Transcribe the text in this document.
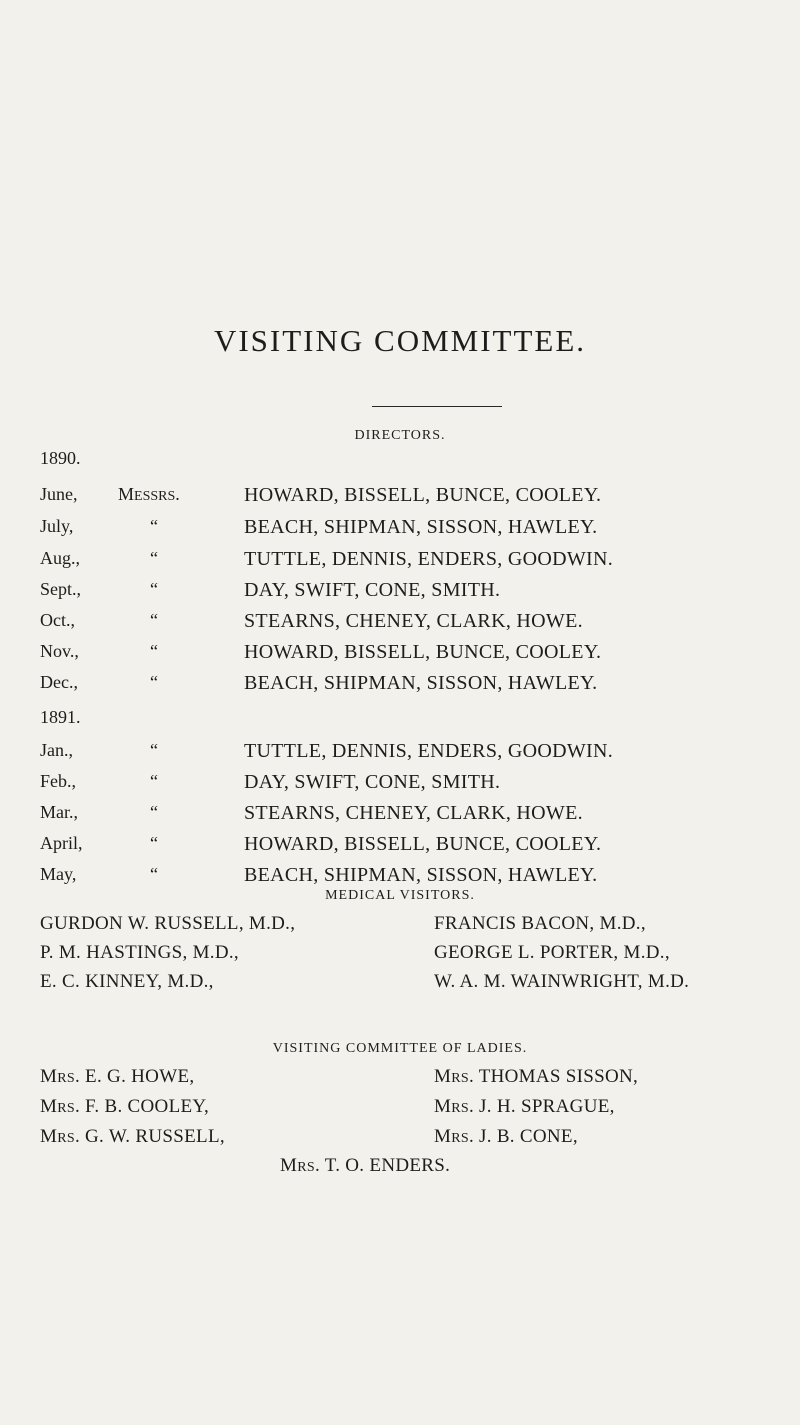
VISITING COMMITTEE.
DIRECTORS.
1890.
June, MESSRS.	HOWARD, BISSELL, BUNCE, COOLEY.
July,	“	BEACH, SHIPMAN, SISSON, HAWLEY.
Aug.,	“	TUTTLE, DENNIS, ENDERS, GOODWIN.
Sept.,	“	DAY, SWIFT, CONE, SMITH.
Oct.,	“	STEARNS, CHENEY, CLARK, HOWE.
Nov.,	“	HOWARD, BISSELL, BUNCE, COOLEY.
Dec.,	“	BEACH, SHIPMAN, SISSON, HAWLEY.
1891.
Jan.,	“	TUTTLE, DENNIS, ENDERS, GOODWIN.
Feb.,	“	DAY, SWIFT, CONE, SMITH.
Mar.,	“	STEARNS, CHENEY, CLARK, HOWE.
April,	“	HOWARD, BISSELL, BUNCE, COOLEY.
May,	“	BEACH, SHIPMAN, SISSON, HAWLEY.
MEDICAL VISITORS.
GURDON W. RUSSELL, M.D.,	FRANCIS BACON, M.D.,
P. M. HASTINGS, M.D.,	GEORGE L. PORTER, M.D.,
E. C. KINNEY, M.D.,	W. A. M. WAINWRIGHT, M.D.
VISITING COMMITTEE OF LADIES.
MRS. E. G. HOWE,	MRS. THOMAS SISSON,
MRS. F. B. COOLEY,	MRS. J. H. SPRAGUE,
MRS. G. W. RUSSELL,	MRS. J. B. CONE,
MRS. T. O. ENDERS.
